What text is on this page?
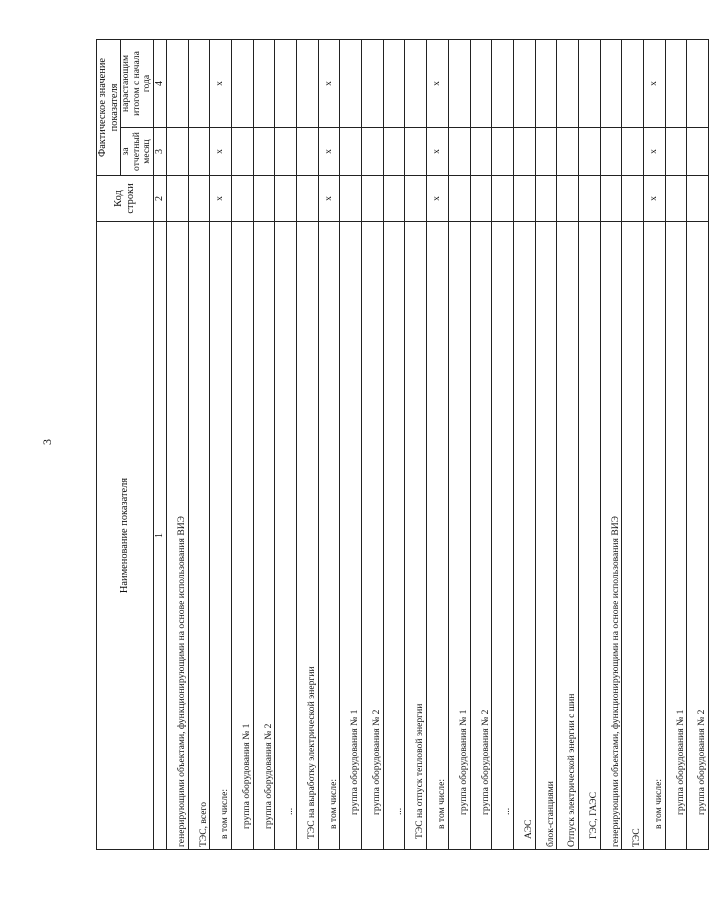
3
Наименование показателя	Код строки	Фактическое значение показателя	
		за отчетный месяц	нарастающим итогом с начала года
1	2	3	4
генерирующими объектами, функционирующими на основе использования ВИЭ			
ТЭС, всего			
в том числе:	x	x	x
группа оборудования № 1			
группа оборудования № 2			
...			
ТЭС на выработку электрической энергии			
в том числе:	x	x	x
группа оборудования № 1			
группа оборудования № 2			
...			
ТЭС на отпуск тепловой энергии			
в том числе:	x	x	x
группа оборудования № 1			
группа оборудования № 2			
...			
АЭС			
блок-станциями			
Отпуск электрической энергии с шин			
ГЭС, ГАЭС			
генерирующими объектами, функционирующими на основе использования ВИЭ			
ТЭС			
в том числе:	x	x	x
группа оборудования № 1			
группа оборудования № 2			
